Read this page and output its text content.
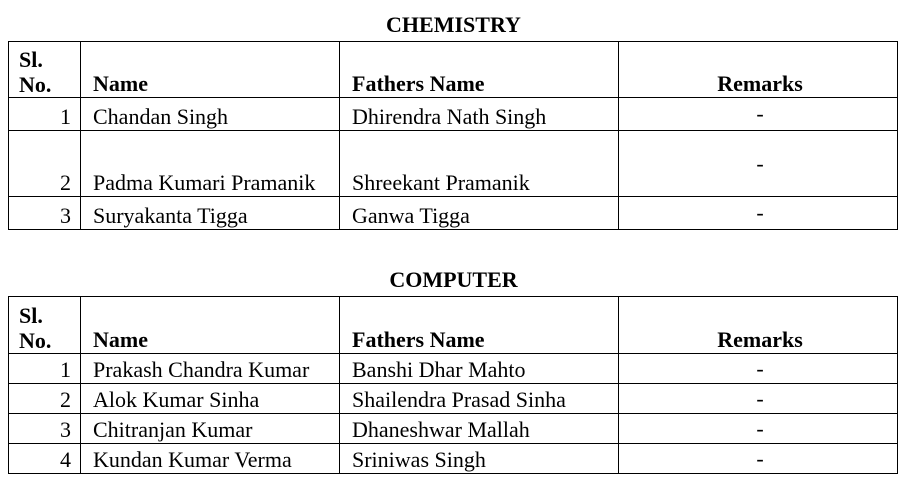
CHEMISTRY
Sl. No.	Name	Fathers Name	Remarks
1	Chandan Singh	Dhirendra Nath Singh	-
2	Padma Kumari Pramanik	Shreekant Pramanik	-
3	Suryakanta Tigga	Ganwa Tigga	-
COMPUTER
Sl. No.	Name	Fathers Name	Remarks
1	Prakash Chandra Kumar	Banshi Dhar Mahto	-
2	Alok Kumar Sinha	Shailendra Prasad Sinha	-
3	Chitranjan Kumar	Dhaneshwar Mallah	-
4	Kundan Kumar Verma	Sriniwas Singh	-
